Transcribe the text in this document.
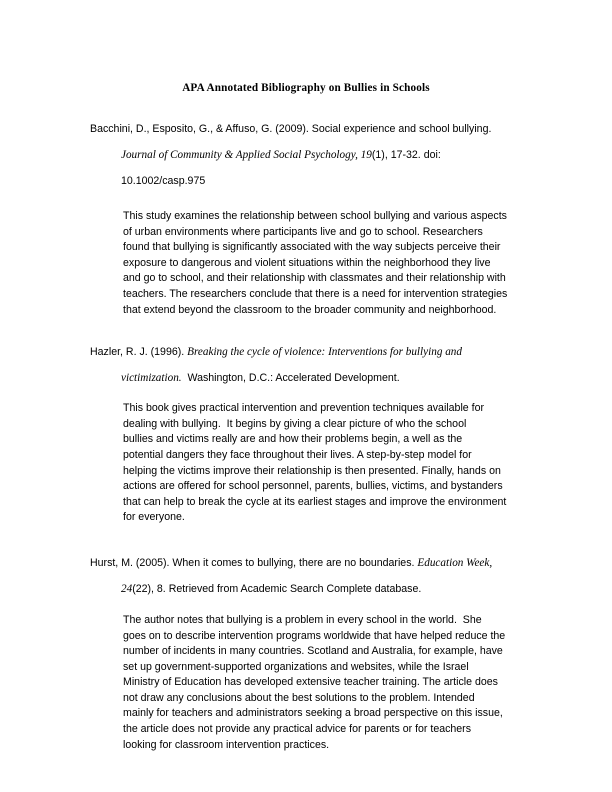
APA Annotated Bibliography on Bullies in Schools
Bacchini, D., Esposito, G., & Affuso, G. (2009). Social experience and school bullying.
Journal of Community & Applied Social Psychology, 19(1), 17-32. doi:
10.1002/casp.975
This study examines the relationship between school bullying and various aspects
of urban environments where participants live and go to school. Researchers
found that bullying is significantly associated with the way subjects perceive their
exposure to dangerous and violent situations within the neighborhood they live
and go to school, and their relationship with classmates and their relationship with
teachers. The researchers conclude that there is a need for intervention strategies
that extend beyond the classroom to the broader community and neighborhood.
Hazler, R. J. (1996). Breaking the cycle of violence: Interventions for bullying and
victimization.  Washington, D.C.: Accelerated Development.
This book gives practical intervention and prevention techniques available for
dealing with bullying.  It begins by giving a clear picture of who the school
bullies and victims really are and how their problems begin, a well as the
potential dangers they face throughout their lives. A step-by-step model for
helping the victims improve their relationship is then presented. Finally, hands on
actions are offered for school personnel, parents, bullies, victims, and bystanders
that can help to break the cycle at its earliest stages and improve the environment
for everyone.
Hurst, M. (2005). When it comes to bullying, there are no boundaries. Education Week,
24(22), 8. Retrieved from Academic Search Complete database.
The author notes that bullying is a problem in every school in the world.  She
goes on to describe intervention programs worldwide that have helped reduce the
number of incidents in many countries. Scotland and Australia, for example, have
set up government-supported organizations and websites, while the Israel
Ministry of Education has developed extensive teacher training. The article does
not draw any conclusions about the best solutions to the problem. Intended
mainly for teachers and administrators seeking a broad perspective on this issue,
the article does not provide any practical advice for parents or for teachers
looking for classroom intervention practices.
